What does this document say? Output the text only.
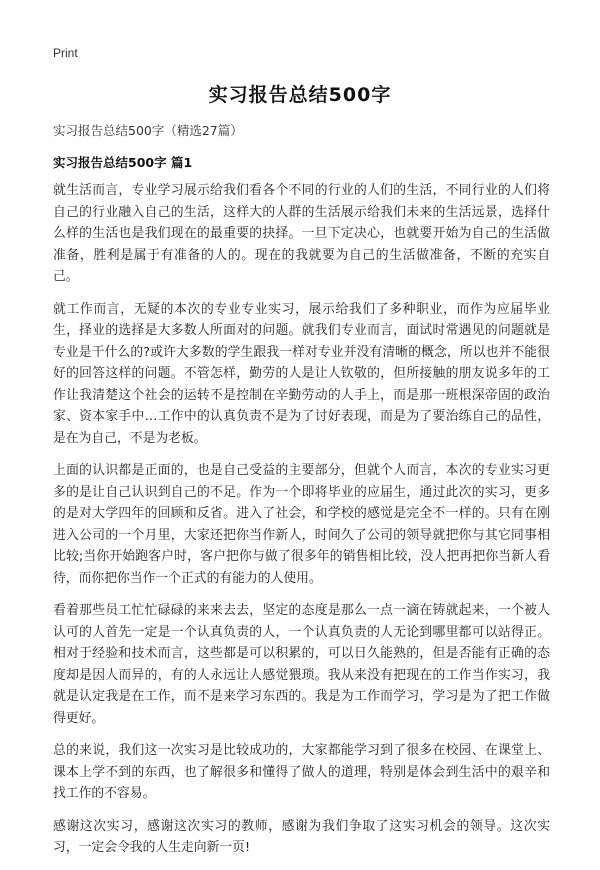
Print
实习报告总结500字
实习报告总结500字（精选27篇）
实习报告总结500字 篇1

就生活而言，专业学习展示给我们看各个不同的行业的人们的生活，不同行业的人们将自己的行业融入自己的生活，这样大的人群的生活展示给我们未来的生活远景，选择什么样的生活也是我们现在的最重要的抉择。一旦下定决心，也就要开始为自己的生活做准备，胜利是属于有准备的人的。现在的我就要为自己的生活做准备，不断的充实自己。

就工作而言，无疑的本次的专业专业实习，展示给我们了多种职业，而作为应届毕业生，择业的选择是大多数人所面对的问题。就我们专业而言，面试时常遇见的问题就是专业是干什么的?或许大多数的学生跟我一样对专业并没有清晰的概念，所以也并不能很好的回答这样的问题。不管怎样，勤劳的人是让人钦敬的，但所接触的朋友说多年的工作让我清楚这个社会的运转不是控制在辛勤劳动的人手上，而是那一班根深帝固的政治家、资本家手中…工作中的认真负责不是为了讨好表现，而是为了要治练自己的品性，是在为自己，不是为老板。

上面的认识都是正面的，也是自己受益的主要部分，但就个人而言，本次的专业实习更多的是让自己认识到自己的不足。作为一个即将毕业的应届生，通过此次的实习，更多的是对大学四年的回顾和反省。进入了社会，和学校的感觉是完全不一样的。只有在刚进入公司的一个月里，大家还把你当作新人，时间久了公司的领导就把你与其它同事相比较;当你开始跑客户时，客户把你与做了很多年的销售相比较，没人把再把你当新人看待，而你把你当作一个正式的有能力的人使用。

看着那些员工忙忙碌碌的来来去去，坚定的态度是那么一点一滴在铸就起来，一个被人认可的人首先一定是一个认真负责的人，一个认真负责的人无论到哪里都可以站得正。相对于经验和技术而言，这些都是可以积累的，可以日久能熟的，但是否能有正确的态度却是因人而异的，有的人永远让人感觉猥琐。我从来没有把现在的工作当作实习，我就是认定我是在工作，而不是来学习东西的。我是为工作而学习，学习是为了把工作做得更好。

总的来说，我们这一次实习是比较成功的，大家都能学习到了很多在校园、在课堂上、课本上学不到的东西，也了解很多和懂得了做人的道理，特别是体会到生活中的艰辛和找工作的不容易。

感谢这次实习，感谢这次实习的教师，感谢为我们争取了这实习机会的领导。这次实习，一定会令我的人生走向新一页!
